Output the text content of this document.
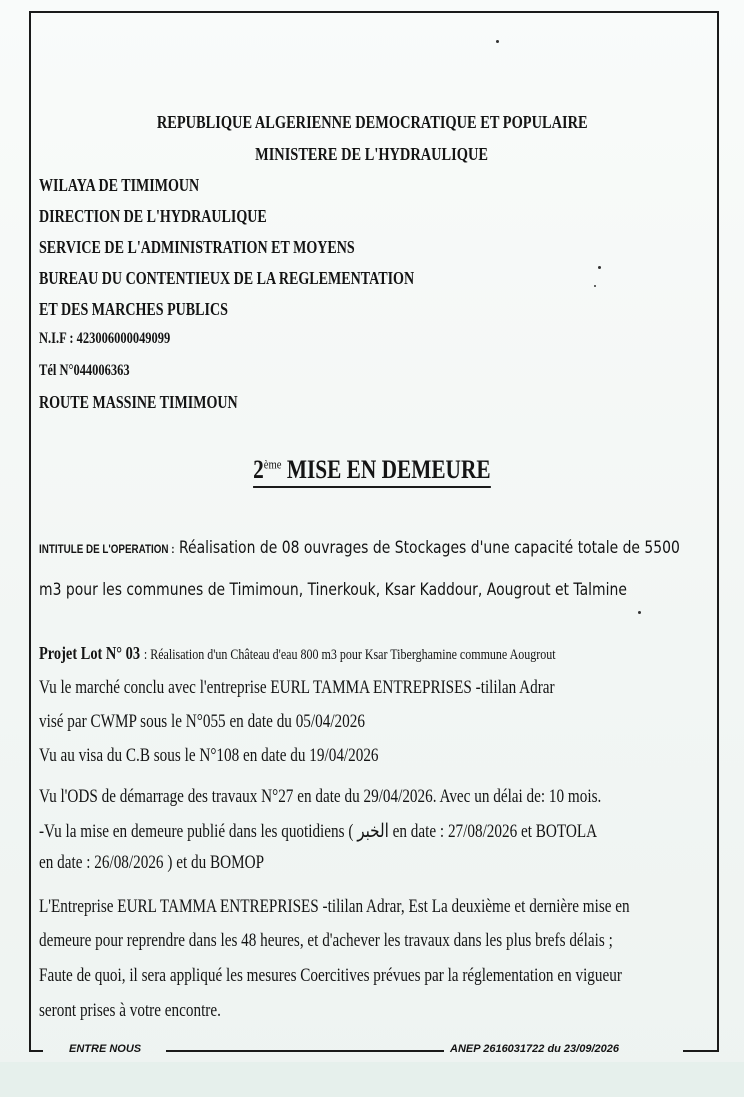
REPUBLIQUE ALGERIENNE DEMOCRATIQUE ET POPULAIRE
MINISTERE DE L'HYDRAULIQUE
WILAYA DE TIMIMOUN
DIRECTION DE L'HYDRAULIQUE
SERVICE DE L'ADMINISTRATION ET MOYENS
BUREAU DU CONTENTIEUX DE LA REGLEMENTATION
ET DES MARCHES PUBLICS
N.I.F : 423006000049099
Tél N°044006363
ROUTE MASSINE TIMIMOUN
2ème MISE EN DEMEURE
INTITULE DE L'OPERATION : Réalisation de 08 ouvrages de Stockages d'une capacité totale de 5500
m3 pour les communes de Timimoun, Tinerkouk, Ksar Kaddour, Aougrout et Talmine
Projet Lot N° 03 : Réalisation d'un Château d'eau 800 m3 pour Ksar Tiberghamine commune Aougrout
Vu le marché conclu avec l'entreprise EURL TAMMA ENTREPRISES -tililan Adrar
visé par CWMP sous le N°055 en date du 05/04/2026
Vu au visa du C.B sous le N°108 en date du 19/04/2026
Vu l'ODS de démarrage des travaux N°27 en date du 29/04/2026. Avec un délai de: 10 mois.
-Vu la mise en demeure publié dans les quotidiens ( الخبر en date : 27/08/2026 et BOTOLA
en date : 26/08/2026 ) et du BOMOP
L'Entreprise EURL TAMMA ENTREPRISES -tililan Adrar, Est La deuxième et dernière mise en
demeure pour reprendre dans les 48 heures, et d'achever les travaux dans les plus brefs délais ;
Faute de quoi, il sera appliqué les mesures Coercitives prévues par la réglementation en vigueur
seront prises à votre encontre.
ENTRE NOUS	ANEP 2616031722 du 23/09/2026
